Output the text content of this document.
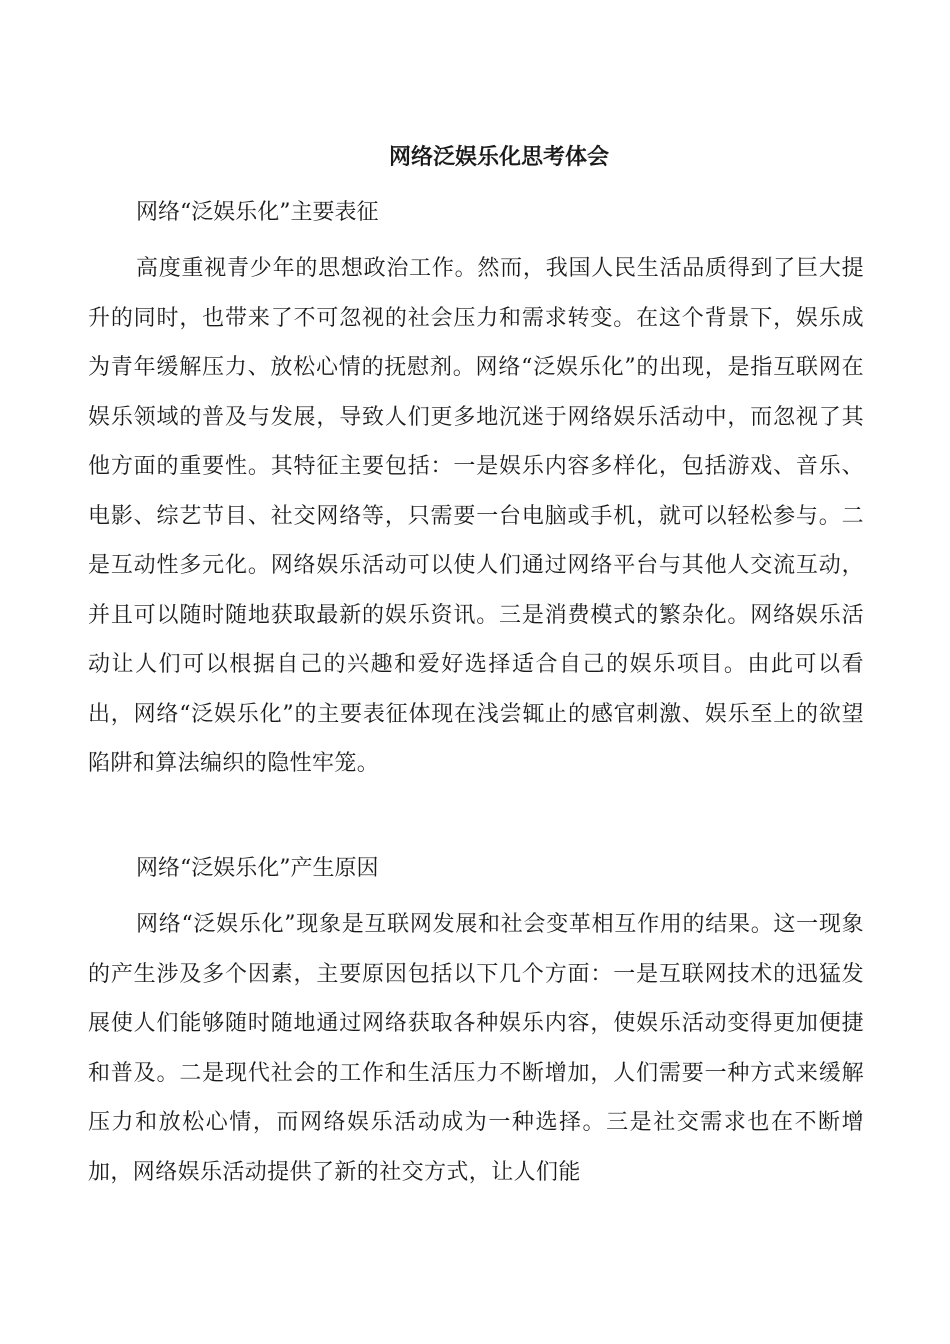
网络泛娱乐化思考体会
网络“泛娱乐化”主要表征

高度重视青少年的思想政治工作。然而，我国人民生活品质得到了巨大提升的同时，也带来了不可忽视的社会压力和需求转变。在这个背景下，娱乐成为青年缓解压力、放松心情的抚慰剂。网络“泛娱乐化”的出现，是指互联网在娱乐领域的普及与发展，导致人们更多地沉迷于网络娱乐活动中，而忽视了其他方面的重要性。其特征主要包括：一是娱乐内容多样化，包括游戏、音乐、电影、综艺节目、社交网络等，只需要一台电脑或手机，就可以轻松参与。二是互动性多元化。网络娱乐活动可以使人们通过网络平台与其他人交流互动，并且可以随时随地获取最新的娱乐资讯。三是消费模式的繁杂化。网络娱乐活动让人们可以根据自己的兴趣和爱好选择适合自己的娱乐项目。由此可以看出，网络“泛娱乐化”的主要表征体现在浅尝辄止的感官刺激、娱乐至上的欲望陷阱和算法编织的隐性牢笼。

网络“泛娱乐化”产生原因

网络“泛娱乐化”现象是互联网发展和社会变革相互作用的结果。这一现象的产生涉及多个因素，主要原因包括以下几个方面：一是互联网技术的迅猛发展使人们能够随时随地通过网络获取各种娱乐内容，使娱乐活动变得更加便捷和普及。二是现代社会的工作和生活压力不断增加，人们需要一种方式来缓解压力和放松心情，而网络娱乐活动成为一种选择。三是社交需求也在不断增加，网络娱乐活动提供了新的社交方式，让人们能
